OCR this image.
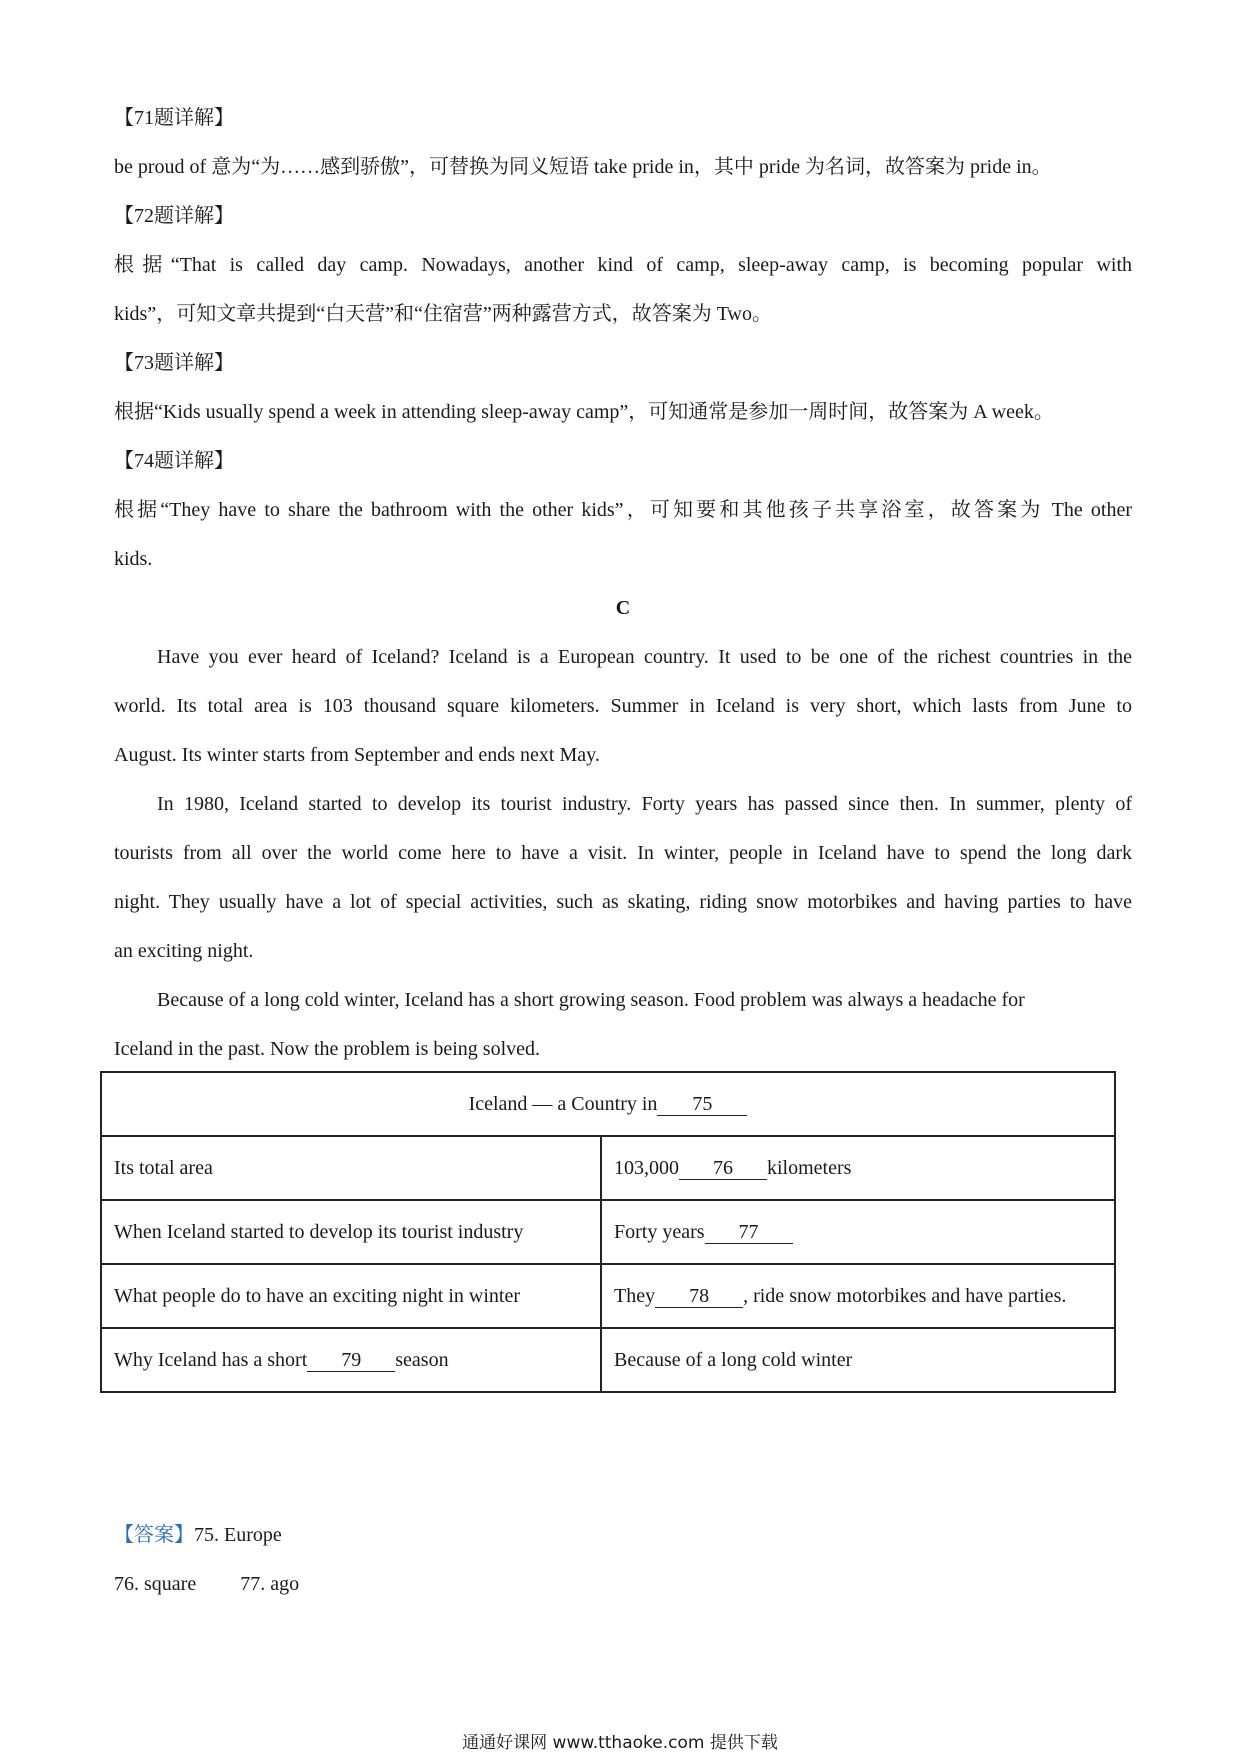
【71题详解】
be proud of 意为“为……感到骄傲”，可替换为同义短语 take pride in，其中 pride 为名词，故答案为 pride in。
【72题详解】
根据“That is called day camp. Nowadays, another kind of camp, sleep-away camp, is becoming popular with
kids”，可知文章共提到“白天营”和“住宿营”两种露营方式，故答案为 Two。
【73题详解】
根据“Kids usually spend a week in attending sleep-away camp”，可知通常是参加一周时间，故答案为 A week。
【74题详解】
根据“They have to share the bathroom with the other kids”，可知要和其他孩子共享浴室，故答案为 The other
kids.
C
Have you ever heard of Iceland? Iceland is a European country. It used to be one of the richest countries in the
world. Its total area is 103 thousand square kilometers. Summer in Iceland is very short, which lasts from June to
August. Its winter starts from September and ends next May.
In 1980, Iceland started to develop its tourist industry. Forty years has passed since then. In summer, plenty of
tourists from all over the world come here to have a visit. In winter, people in Iceland have to spend the long dark
night. They usually have a lot of special activities, such as skating, riding snow motorbikes and having parties to have
an exciting night.
Because of a long cold winter, Iceland has a short growing season. Food problem was always a headache for
Iceland in the past. Now the problem is being solved.
Iceland — a Country in 75	
Its total area	103,000 76 kilometers
When Iceland started to develop its tourist industry	Forty years 77
What people do to have an exciting night in winter	They 78 , ride snow motorbikes and have parties.
Why Iceland has a short 79 season	Because of a long cold winter
【答案】75. Europe
76. square 77. ago
通通好课网 www.tthaoke.com 提供下载
